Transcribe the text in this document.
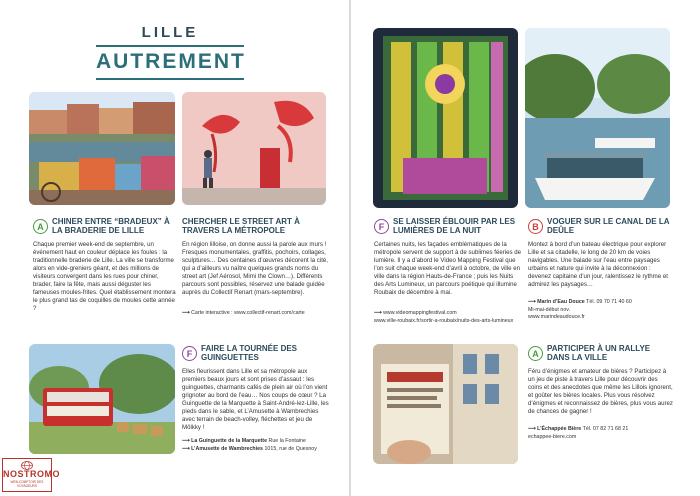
LILLE
AUTREMENT
A	CHINER ENTRE “BRADEUX” À LA BRADERIE DE LILLE
Chaque premier week-end de septembre, un événement haut en couleur déplace les foules : la traditionnelle braderie de Lille. La ville se transforme alors en vide-greniers géant, et des millions de visiteurs convergent dans les rues pour chiner, brader, faire la fête, mais aussi déguster les fameuses moules-frites. Quel établissement montera le plus grand tas de coquilles de moules cette année ?
CHERCHER LE STREET ART À TRAVERS LA MÉTROPOLE
En région lilloise, on donne aussi la parole aux murs ! Fresques monumentales, graffitis, pochoirs, collages, sculptures… Des centaines d’œuvres décorent la cité, qui a d’ailleurs vu naître quelques grands noms du street art (Jef Aérosol, Mimi the Clown…). Différents parcours sont possibles, réservez une balade guidée auprès du Collectif Renart (mars-septembre).
⟶ Carte interactive : www.collectif-renart.com/carte
F	FAIRE LA TOURNÉE DES GUINGUETTES
Elles fleurissent dans Lille et sa métropole aux premiers beaux jours et sont prises d’assaut : les guinguettes, charmants cafés de plein air où l’on vient grignoter au bord de l’eau… Nos coups de cœur ? La Guinguette de la Marquette à Saint-André-lez-Lille, les pieds dans le sable, et L’Amusette à Wambrechies avec terrain de beach-volley, fléchettes et jeu de Mölkky !
⟶ La Guinguette de la Marquette Rue la Fontaine
⟶ L’Amusette de Wambrechies 1015, rue de Quesnoy
F	SE LAISSER ÉBLOUIR PAR LES LUMIÈRES DE LA NUIT
Certaines nuits, les façades emblématiques de la métropole servent de support à de sublimes féeries de lumière. Il y a d’abord le Video Mapping Festival que l’on suit chaque week-end d’avril à octobre, de ville en ville dans la région Hauts-de-France ; puis les Nuits des Arts Lumineux, un parcours poétique qui illumine Roubaix de décembre à mai.
⟶ www.videomappingfestival.com
www.ville-roubaix.fr/sortir-a-roubaix/nuits-des-arts-lumineux
B	VOGUER SUR LE CANAL DE LA DEÛLE
Montez à bord d’un bateau électrique pour explorer Lille et sa citadelle, le long de 20 km de voies navigables. Une balade sur l’eau entre paysages urbains et nature qui invite à la déconnexion : devenez capitaine d’un jour, ralentissez le rythme et admirez les paysages…
⟶ Marin d’Eau Douce Tél. 09 70 71 40 60
Mi-mai-début nov.
www.marindeaudouce.fr
A	PARTICIPER À UN RALLYE DANS LA VILLE
Féru d’énigmes et amateur de bières ? Participez à un jeu de piste à travers Lille pour découvrir des coins et des anecdotes que même les Lillois ignorent, et goûter les bières locales. Plus vous résolvez d’énigmes et reconnaissez de bières, plus vous aurez de chances de gagner !
⟶ L’Échappée Bière Tél. 07 82 71 68 21
echappee-biere.com
NOSTROMO
WEB-COMPTOIR DES VOYAGEURS
